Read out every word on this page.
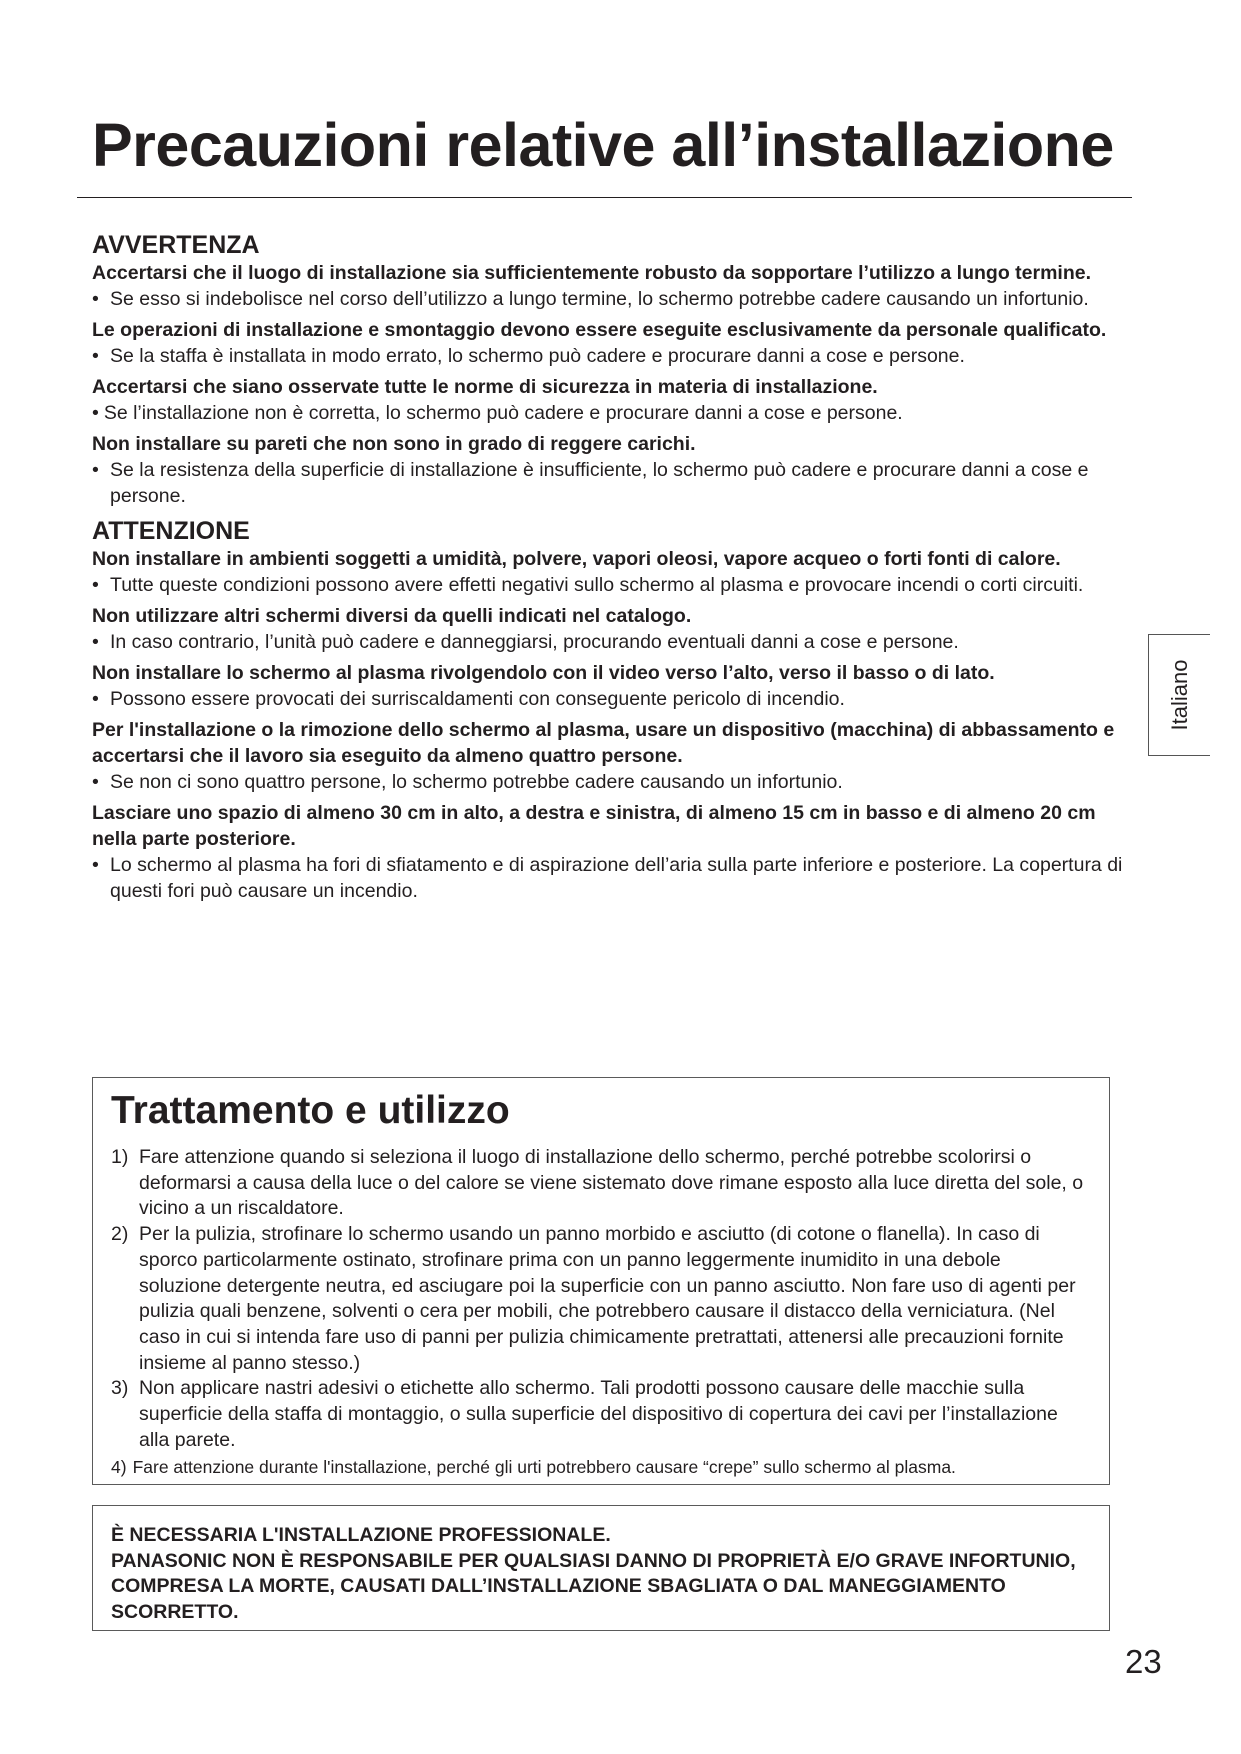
Precauzioni relative all’installazione
AVVERTENZA

Accertarsi che il luogo di installazione sia sufficientemente robusto da sopportare l’utilizzo a lungo termine.

• Se esso si indebolisce nel corso dell’utilizzo a lungo termine, lo schermo potrebbe cadere causando un infortunio.

Le operazioni di installazione e smontaggio devono essere eseguite esclusivamente da personale qualificato.

• Se la staffa è installata in modo errato, lo schermo può cadere e procurare danni a cose e persone.

Accertarsi che siano osservate tutte le norme di sicurezza in materia di installazione.

• Se l’installazione non è corretta, lo schermo può cadere e procurare danni a cose e persone.

Non installare su pareti che non sono in grado di reggere carichi.

• Se la resistenza della superficie di installazione è insufficiente, lo schermo può cadere e procurare danni a cose e persone.

ATTENZIONE

Non installare in ambienti soggetti a umidità, polvere, vapori oleosi, vapore acqueo o forti fonti di calore.

• Tutte queste condizioni possono avere effetti negativi sullo schermo al plasma e provocare incendi o corti circuiti.

Non utilizzare altri schermi diversi da quelli indicati nel catalogo.

• In caso contrario, l’unità può cadere e danneggiarsi, procurando eventuali danni a cose e persone.

Non installare lo schermo al plasma rivolgendolo con il video verso l’alto, verso il basso o di lato.

• Possono essere provocati dei surriscaldamenti con conseguente pericolo di incendio.

Per l'installazione o la rimozione dello schermo al plasma, usare un dispositivo (macchina) di abbassamento e accertarsi che il lavoro sia eseguito da almeno quattro persone.

• Se non ci sono quattro persone, lo schermo potrebbe cadere causando un infortunio.

Lasciare uno spazio di almeno 30 cm in alto, a destra e sinistra, di almeno 15 cm in basso e di almeno 20 cm nella parte posteriore.

• Lo schermo al plasma ha fori di sfiatamento e di aspirazione dell’aria sulla parte inferiore e posteriore. La copertura di questi fori può causare un incendio.

Trattamento e utilizzo

1) Fare attenzione quando si seleziona il luogo di installazione dello schermo, perché potrebbe scolorirsi o deformarsi a causa della luce o del calore se viene sistemato dove rimane esposto alla luce diretta del sole, o vicino a un riscaldatore.

2) Per la pulizia, strofinare lo schermo usando un panno morbido e asciutto (di cotone o flanella). In caso di sporco particolarmente ostinato, strofinare prima con un panno leggermente inumidito in una debole soluzione detergente neutra, ed asciugare poi la superficie con un panno asciutto. Non fare uso di agenti per pulizia quali benzene, solventi o cera per mobili, che potrebbero causare il distacco della verniciatura. (Nel caso in cui si intenda fare uso di panni per pulizia chimicamente pretrattati, attenersi alle precauzioni fornite insieme al panno stesso.)

3) Non applicare nastri adesivi o etichette allo schermo. Tali prodotti possono causare delle macchie sulla superficie della staffa di montaggio, o sulla superficie del dispositivo di copertura dei cavi per l’installazione alla parete.

4) Fare attenzione durante l'installazione, perché gli urti potrebbero causare “crepe” sullo schermo al plasma.

È NECESSARIA L'INSTALLAZIONE PROFESSIONALE.
PANASONIC NON È RESPONSABILE PER QUALSIASI DANNO DI PROPRIETÀ E/O GRAVE INFORTUNIO, COMPRESA LA MORTE, CAUSATI DALL’INSTALLAZIONE SBAGLIATA O DAL MANEGGIAMENTO SCORRETTO.

Italiano
23
